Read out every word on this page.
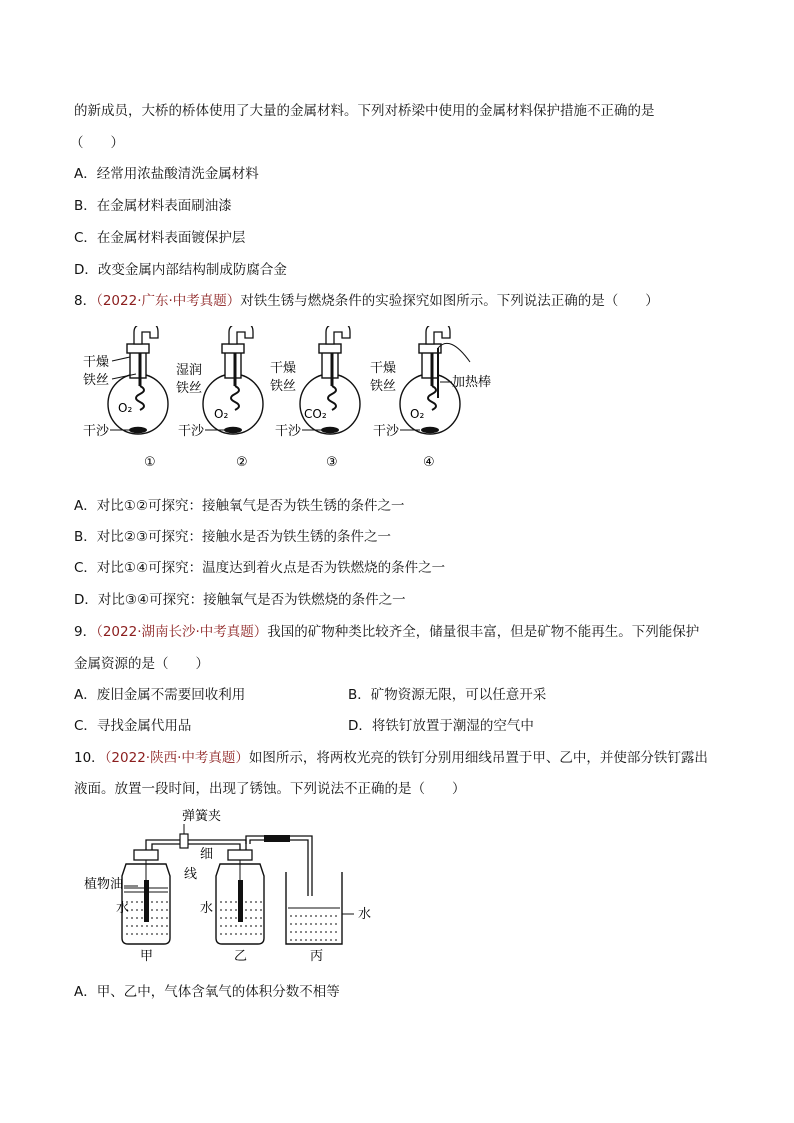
的新成员，大桥的桥体使用了大量的金属材料。下列对桥梁中使用的金属材料保护措施不正确的是
（　　）
A．经常用浓盐酸清洗金属材料
B．在金属材料表面刷油漆
C．在金属材料表面镀保护层
D．改变金属内部结构制成防腐合金
8．（2022·广东·中考真题）对铁生锈与燃烧条件的实验探究如图所示。下列说法正确的是（　　）
干燥
铁丝
O₂
干沙
湿润
铁丝
O₂
干沙
干燥
铁丝
CO₂
干沙
干燥
铁丝
O₂
干沙
加热棒
①	②	③	④
A．对比①②可探究：接触氧气是否为铁生锈的条件之一
B．对比②③可探究：接触水是否为铁生锈的条件之一
C．对比①④可探究：温度达到着火点是否为铁燃烧的条件之一
D．对比③④可探究：接触氧气是否为铁燃烧的条件之一
9．（2022·湖南长沙·中考真题）我国的矿物种类比较齐全，储量很丰富，但是矿物不能再生。下列能保护
金属资源的是（　　）
A．废旧金属不需要回收利用	B．矿物资源无限，可以任意开采
C．寻找金属代用品	D．将铁钉放置于潮湿的空气中
10．（2022·陕西·中考真题）如图所示，将两枚光亮的铁钉分别用细线吊置于甲、乙中，并使部分铁钉露出
液面。放置一段时间，出现了锈蚀。下列说法不正确的是（　　）
弹簧夹
植物油
水
细
线
水	水
甲	乙	丙
A．甲、乙中，气体含氧气的体积分数不相等
